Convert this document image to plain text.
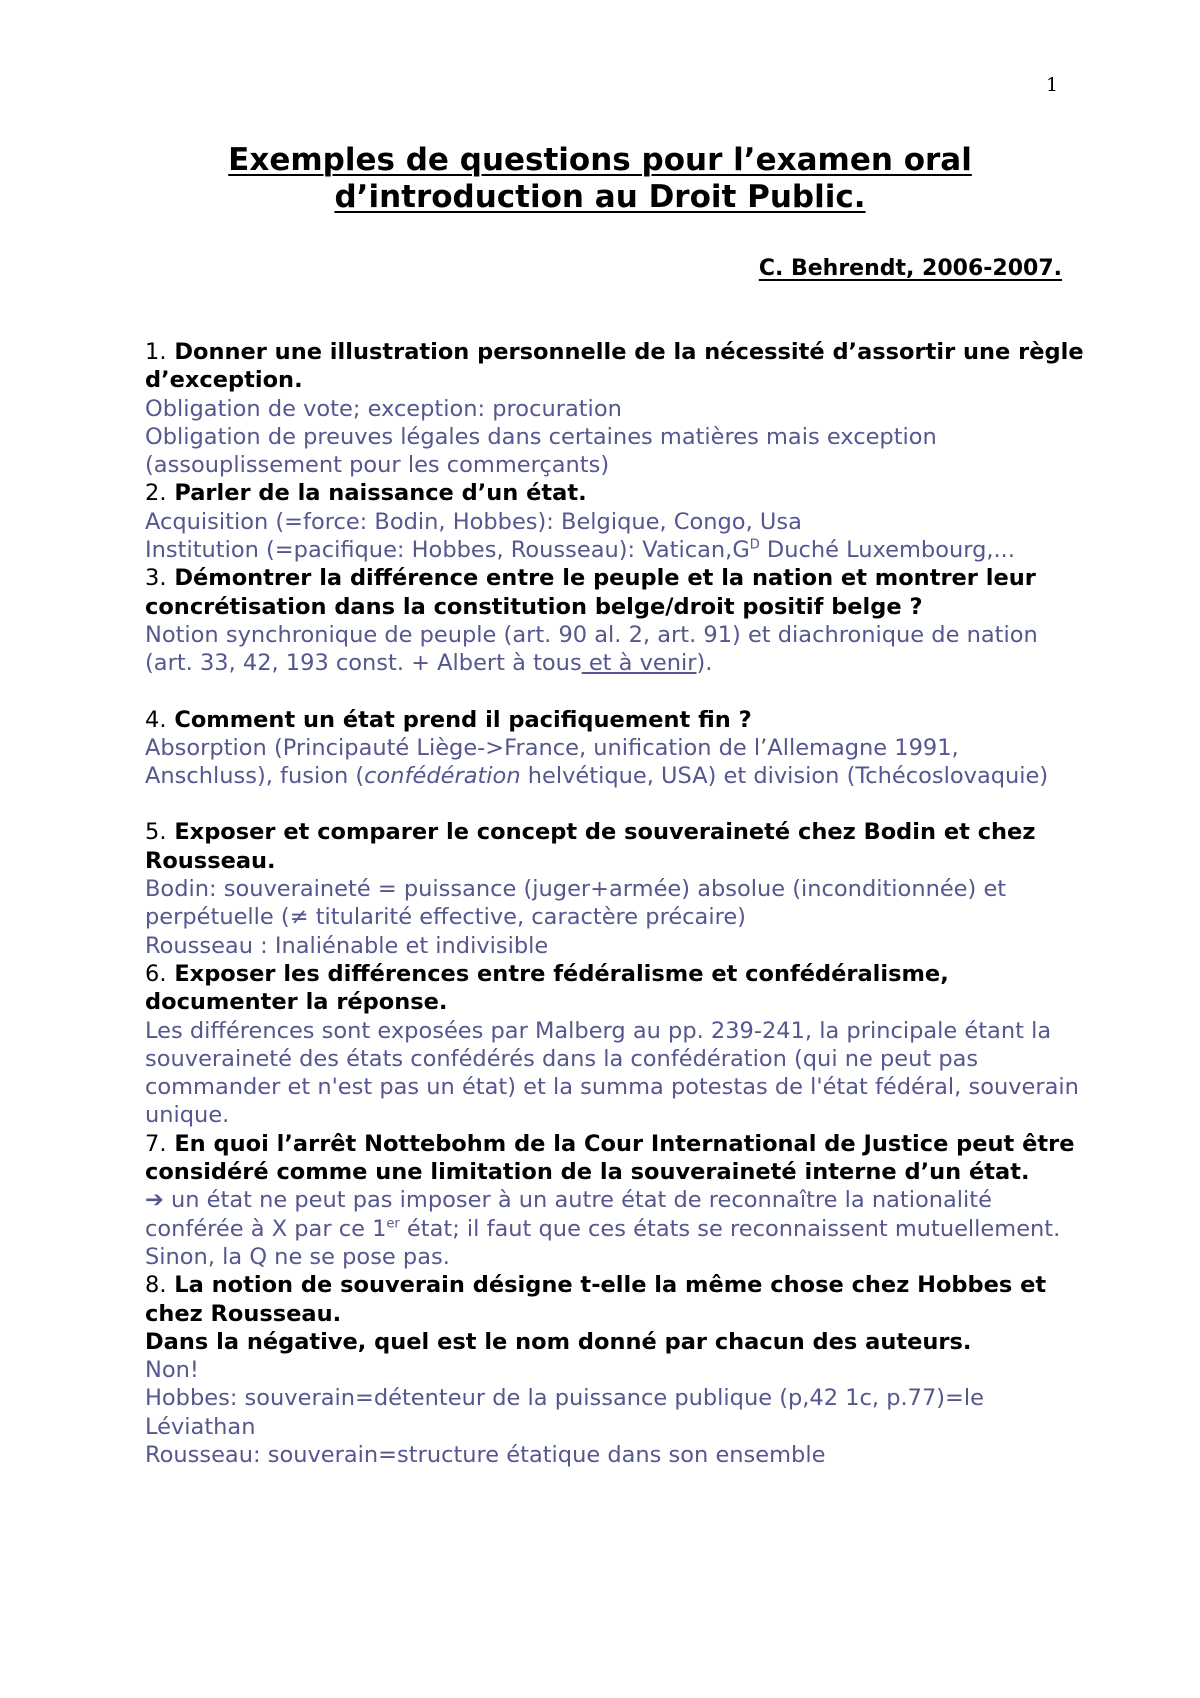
1
Exemples de questions pour l’examen oral
d’introduction au Droit Public.
C. Behrendt, 2006-2007.
1. Donner une illustration personnelle de la nécessité d’assortir une règle d’exception.
Obligation de vote; exception: procuration
Obligation de preuves légales dans certaines matières mais exception (assouplissement pour les commerçants)
2. Parler de la naissance d’un état.
Acquisition (=force: Bodin, Hobbes): Belgique, Congo, Usa
Institution (=pacifique: Hobbes, Rousseau): $Vatican,G^D$ Duché Luxembourg,...
3. Démontrer la différence entre le peuple et la nation et montrer leur concrétisation dans la constitution belge/droit positif belge ?
Notion synchronique de peuple (art. 90 al. 2, art. 91) et diachronique de nation (art. 33, 42, 193 const. + Albert à tous et à venir).
4. Comment un état prend il pacifiquement fin ?
Absorption (Principauté Liège->France, unification de l’Allemagne 1991, Anschluss), fusion (confédération helvétique, USA) et division (Tchécoslovaquie)
5. Exposer et comparer le concept de souveraineté chez Bodin et chez Rousseau.
Bodin: souveraineté = puissance (juger+armée) absolue (inconditionnée) et perpétuelle (≠ titularité effective, caractère précaire)
Rousseau : Inaliénable et indivisible
6. Exposer les différences entre fédéralisme et confédéralisme, documenter la réponse.
Les différences sont exposées par Malberg au pp. 239-241, la principale étant la souveraineté des états confédérés dans la confédération (qui ne peut pas commander et n'est pas un état) et la summa potestas de l'état fédéral, souverain unique.
7. En quoi l’arrêt Nottebohm de la Cour International de Justice peut être considéré comme une limitation de la souveraineté interne d’un état.
➔ un état ne peut pas imposer à un autre état de reconnaître la nationalité conférée à X par ce 1er état; il faut que ces états se reconnaissent mutuellement. Sinon, la Q ne se pose pas.
8. La notion de souverain désigne t-elle la même chose chez Hobbes et chez Rousseau.
Dans la négative, quel est le nom donné par chacun des auteurs.
Non!
Hobbes: souverain=détenteur de la puissance publique (p,42 1c, p.77)=le Léviathan
Rousseau: souverain=structure étatique dans son ensemble
